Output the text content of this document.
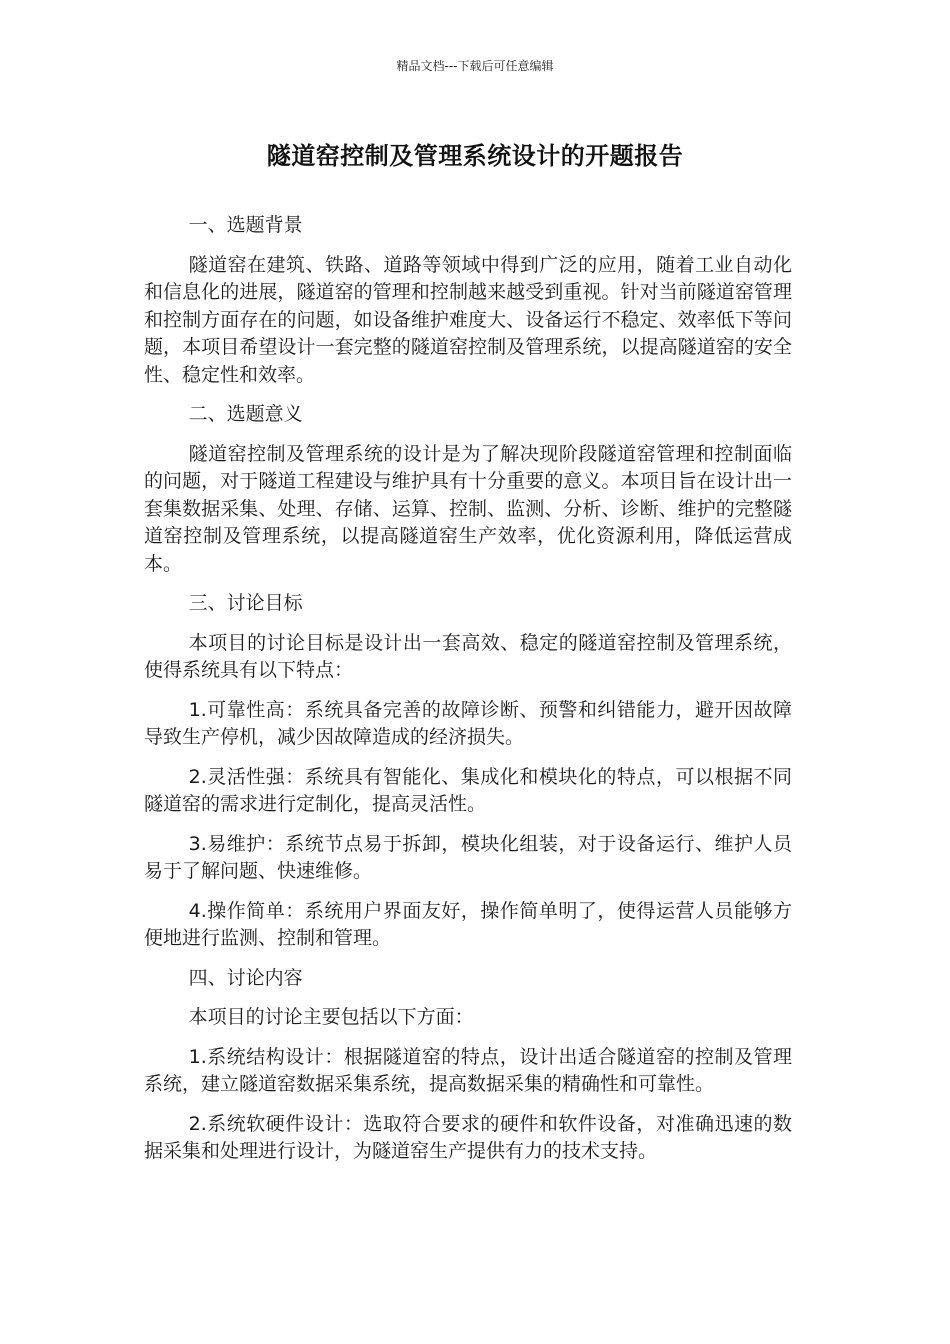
精品文档---下载后可任意编辑
隧道窑控制及管理系统设计的开题报告
一、选题背景
隧道窑在建筑、铁路、道路等领域中得到广泛的应用，随着工业自动化和信息化的进展，隧道窑的管理和控制越来越受到重视。针对当前隧道窑管理和控制方面存在的问题，如设备维护难度大、设备运行不稳定、效率低下等问题，本项目希望设计一套完整的隧道窑控制及管理系统，以提高隧道窑的安全性、稳定性和效率。
二、选题意义
隧道窑控制及管理系统的设计是为了解决现阶段隧道窑管理和控制面临的问题，对于隧道工程建设与维护具有十分重要的意义。本项目旨在设计出一套集数据采集、处理、存储、运算、控制、监测、分析、诊断、维护的完整隧道窑控制及管理系统，以提高隧道窑生产效率，优化资源利用，降低运营成本。
三、讨论目标
本项目的讨论目标是设计出一套高效、稳定的隧道窑控制及管理系统，使得系统具有以下特点：
1.可靠性高：系统具备完善的故障诊断、预警和纠错能力，避开因故障导致生产停机，减少因故障造成的经济损失。
2.灵活性强：系统具有智能化、集成化和模块化的特点，可以根据不同隧道窑的需求进行定制化，提高灵活性。
3.易维护：系统节点易于拆卸，模块化组装，对于设备运行、维护人员易于了解问题、快速维修。
4.操作简单：系统用户界面友好，操作简单明了，使得运营人员能够方便地进行监测、控制和管理。
四、讨论内容
本项目的讨论主要包括以下方面：
1.系统结构设计：根据隧道窑的特点，设计出适合隧道窑的控制及管理系统，建立隧道窑数据采集系统，提高数据采集的精确性和可靠性。
2.系统软硬件设计：选取符合要求的硬件和软件设备，对准确迅速的数据采集和处理进行设计，为隧道窑生产提供有力的技术支持。
